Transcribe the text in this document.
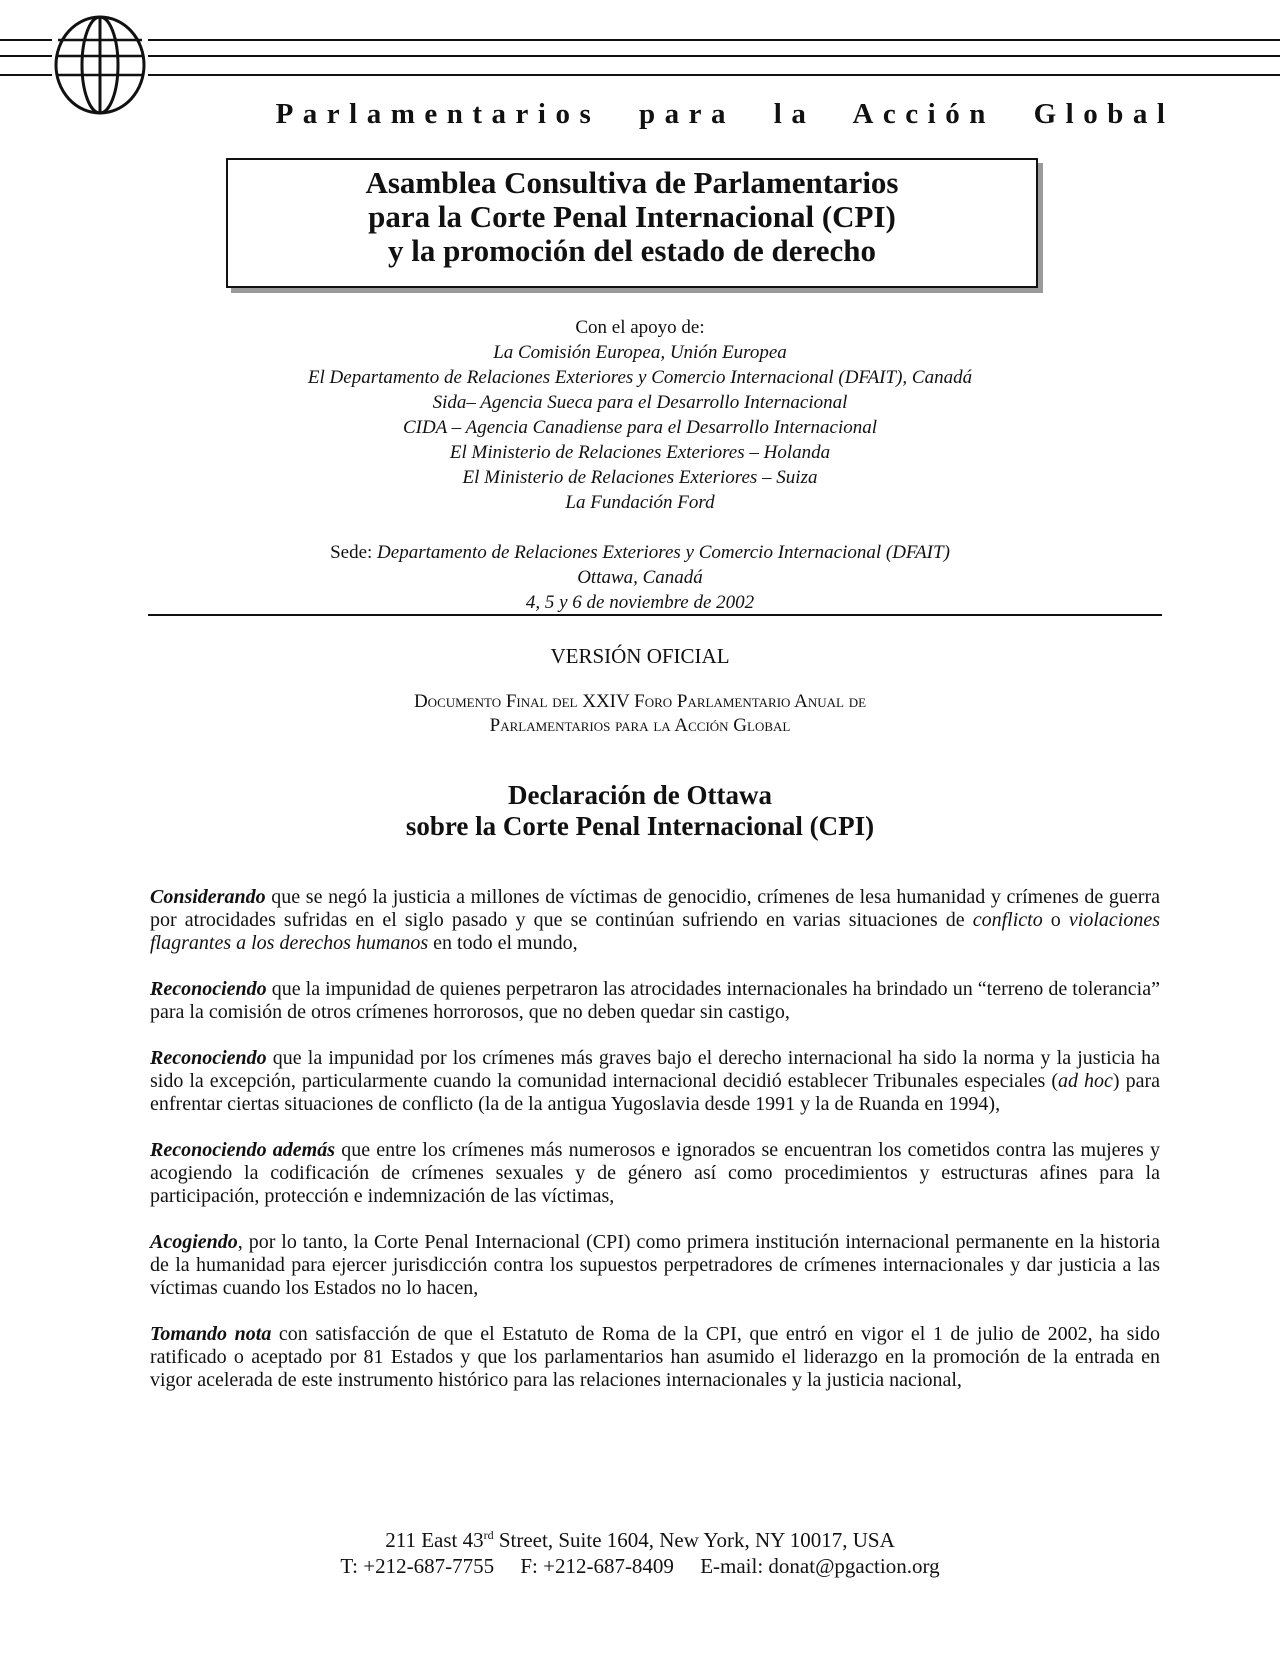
Parlamentarios para la Acción Global
Asamblea Consultiva de Parlamentarios
para la Corte Penal Internacional (CPI)
y la promoción del estado de derecho
Con el apoyo de:
La Comisión Europea, Unión Europea
El Departamento de Relaciones Exteriores y Comercio Internacional (DFAIT), Canadá
Sida– Agencia Sueca para el Desarrollo Internacional
CIDA – Agencia Canadiense para el Desarrollo Internacional
El Ministerio de Relaciones Exteriores – Holanda
El Ministerio de Relaciones Exteriores – Suiza
La Fundación Ford
Sede: Departamento de Relaciones Exteriores y Comercio Internacional (DFAIT)
Ottawa, Canadá
4, 5 y 6 de noviembre de 2002
VERSIÓN OFICIAL
Documento Final del XXIV Foro Parlamentario Anual de
Parlamentarios para la Acción Global
Declaración de Ottawa
sobre la Corte Penal Internacional (CPI)

Considerando que se negó la justicia a millones de víctimas de genocidio, crímenes de lesa humanidad y crímenes de guerra por atrocidades sufridas en el siglo pasado y que se continúan sufriendo en varias situaciones de conflicto o violaciones flagrantes a los derechos humanos en todo el mundo,

Reconociendo que la impunidad de quienes perpetraron las atrocidades internacionales ha brindado un “terreno de tolerancia” para la comisión de otros crímenes horrorosos, que no deben quedar sin castigo,

Reconociendo que la impunidad por los crímenes más graves bajo el derecho internacional ha sido la norma y la justicia ha sido la excepción, particularmente cuando la comunidad internacional decidió establecer Tribunales especiales (ad hoc) para enfrentar ciertas situaciones de conflicto (la de la antigua Yugoslavia desde 1991 y la de Ruanda en 1994),

Reconociendo además que entre los crímenes más numerosos e ignorados se encuentran los cometidos contra las mujeres y acogiendo la codificación de crímenes sexuales y de género así como procedimientos y estructuras afines para la participación, protección e indemnización de las víctimas,

Acogiendo, por lo tanto, la Corte Penal Internacional (CPI) como primera institución internacional permanente en la historia de la humanidad para ejercer jurisdicción contra los supuestos perpetradores de crímenes internacionales y dar justicia a las víctimas cuando los Estados no lo hacen,

Tomando nota con satisfacción de que el Estatuto de Roma de la CPI, que entró en vigor el 1 de julio de 2002, ha sido ratificado o aceptado por 81 Estados y que los parlamentarios han asumido el liderazgo en la promoción de la entrada en vigor acelerada de este instrumento histórico para las relaciones internacionales y la justicia nacional,

211 East 43rd Street, Suite 1604, New York, NY 10017, USA
T: +212-687-7755 F: +212-687-8409 E-mail: donat@pgaction.org
